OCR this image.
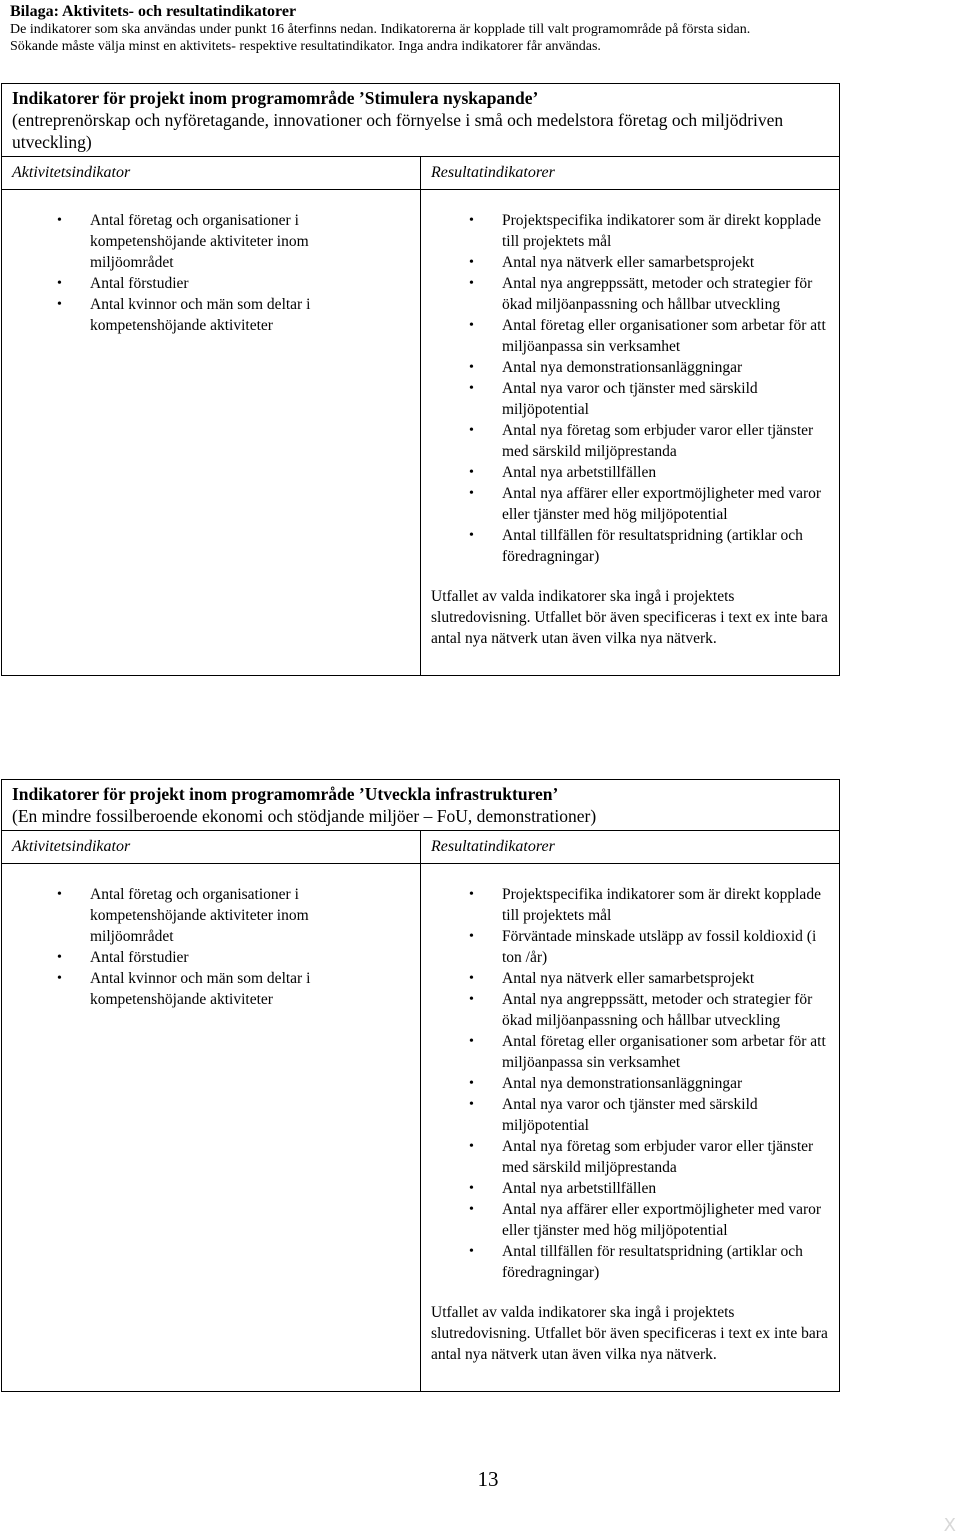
Bilaga: Aktivitets- och resultatindikatorer

De indikatorer som ska användas under punkt 16 återfinns nedan. Indikatorerna är kopplade till valt programområde på första sidan.

Sökande måste välja minst en aktivitets- respektive resultatindikator. Inga andra indikatorer får användas.

Indikatorer för projekt inom programområde ’Stimulera nyskapande’
(entreprenörskap och nyföretagande, innovationer och förnyelse i små och medelstora företag och miljödriven utveckling)
Aktivitetsindikator	Resultatindikatorer
• Antal företag och organisationer i kompetenshöjande aktiviteter inom miljöområdet
• Antal förstudier
• Antal kvinnor och män som deltar i kompetenshöjande aktiviteter
• Projektspecifika indikatorer som är direkt kopplade till projektets mål
• Antal nya nätverk eller samarbetsprojekt
• Antal nya angreppssätt, metoder och strategier för ökad miljöanpassning och hållbar utveckling
• Antal företag eller organisationer som arbetar för att miljöanpassa sin verksamhet
• Antal nya demonstrationsanläggningar
• Antal nya varor och tjänster med särskild miljöpotential
• Antal nya företag som erbjuder varor eller tjänster med särskild miljöprestanda
• Antal nya arbetstillfällen
• Antal nya affärer eller exportmöjligheter med varor eller tjänster med hög miljöpotential
• Antal tillfällen för resultatspridning (artiklar och föredragningar)

Utfallet av valda indikatorer ska ingå i projektets slutredovisning. Utfallet bör även specificeras i text ex inte bara antal nya nätverk utan även vilka nya nätverk.

Indikatorer för projekt inom programområde ’Utveckla infrastrukturen’
(En mindre fossilberoende ekonomi och stödjande miljöer – FoU, demonstrationer)
Aktivitetsindikator	Resultatindikatorer
• Antal företag och organisationer i kompetenshöjande aktiviteter inom miljöområdet
• Antal förstudier
• Antal kvinnor och män som deltar i kompetenshöjande aktiviteter
• Projektspecifika indikatorer som är direkt kopplade till projektets mål
• Förväntade minskade utsläpp av fossil koldioxid (i ton /år)
• Antal nya nätverk eller samarbetsprojekt
• Antal nya angreppssätt, metoder och strategier för ökad miljöanpassning och hållbar utveckling
• Antal företag eller organisationer som arbetar för att miljöanpassa sin verksamhet
• Antal nya demonstrationsanläggningar
• Antal nya varor och tjänster med särskild miljöpotential
• Antal nya företag som erbjuder varor eller tjänster med särskild miljöprestanda
• Antal nya arbetstillfällen
• Antal nya affärer eller exportmöjligheter med varor eller tjänster med hög miljöpotential
• Antal tillfällen för resultatspridning (artiklar och föredragningar)

Utfallet av valda indikatorer ska ingå i projektets slutredovisning. Utfallet bör även specificeras i text ex inte bara antal nya nätverk utan även vilka nya nätverk.

13
X
